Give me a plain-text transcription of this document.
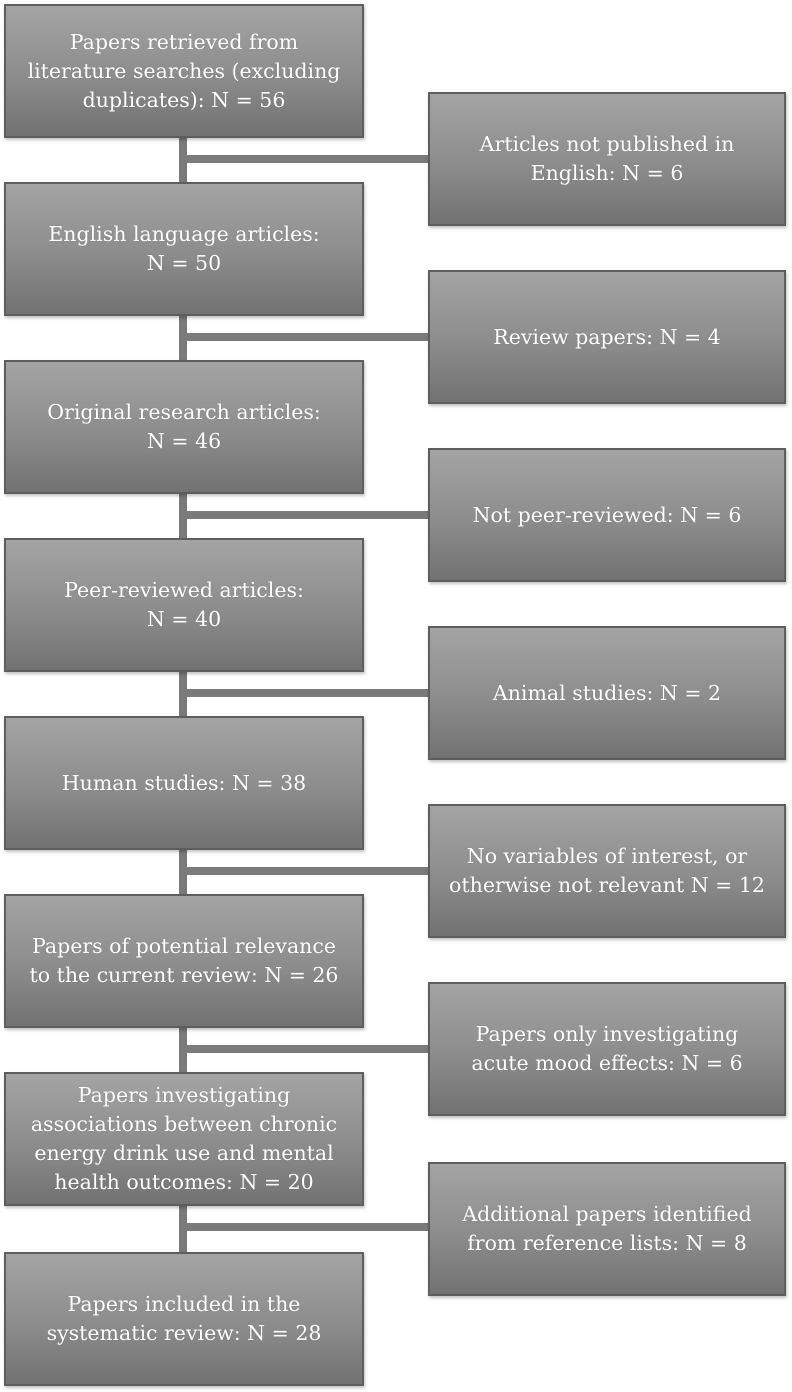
Papers retrieved from
literature searches (excluding
duplicates): N = 56
English language articles:
N = 50
Original research articles:
N = 46
Peer-reviewed articles:
N = 40
Human studies: N = 38
Papers of potential relevance
to the current review: N = 26
Papers investigating
associations between chronic
energy drink use and mental
health outcomes: N = 20
Papers included in the
systematic review: N = 28
Articles not published in
English: N = 6
Review papers: N = 4
Not peer-reviewed: N = 6
Animal studies: N = 2
No variables of interest, or
otherwise not relevant N = 12
Papers only investigating
acute mood effects: N = 6
Additional papers identified
from reference lists: N = 8
